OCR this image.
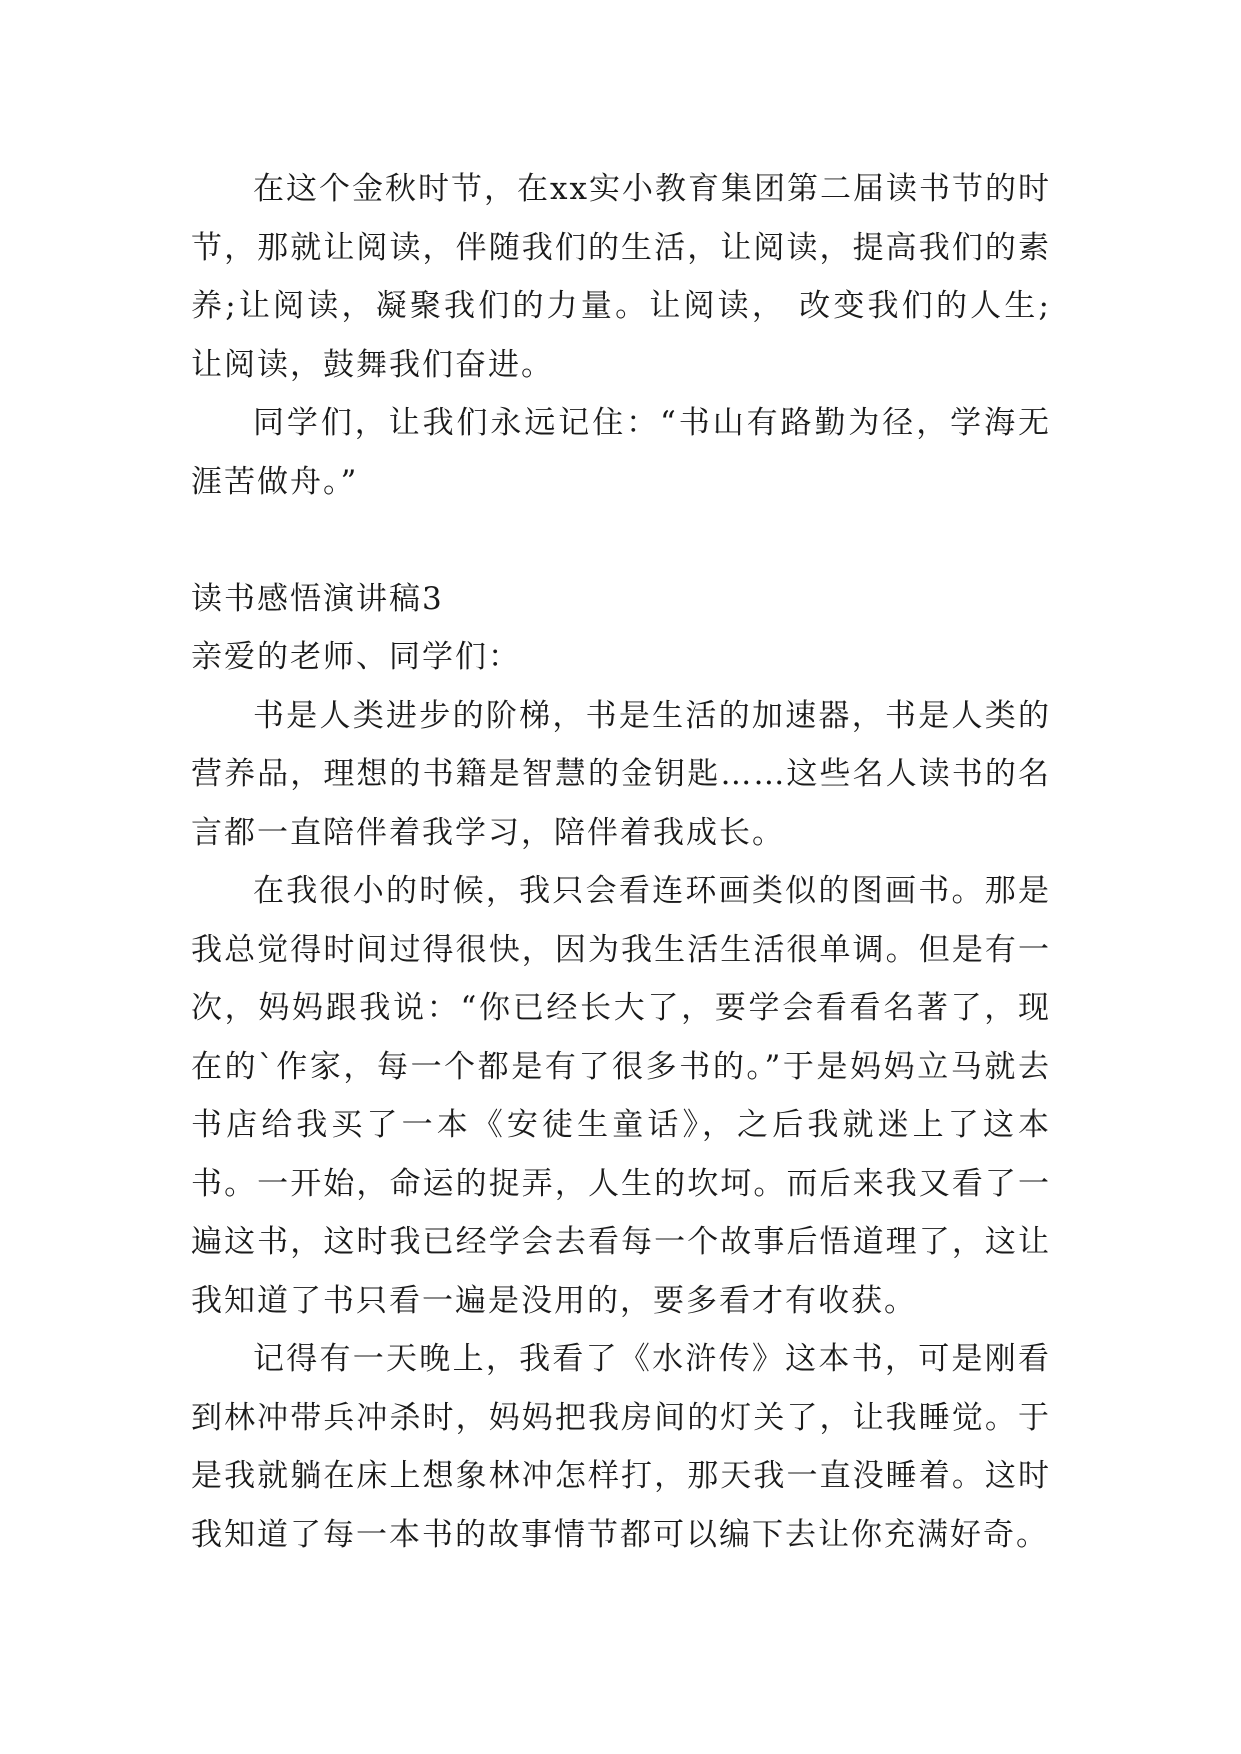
在这个金秋时节，在xx实小教育集团第二届读书节的时节，那就让阅读，伴随我们的生活，让阅读，提高我们的素养;让阅读，凝聚我们的力量。让阅读， 改变我们的人生;让阅读，鼓舞我们奋进。

同学们，让我们永远记住：“书山有路勤为径，学海无涯苦做舟。”

读书感悟演讲稿3

亲爱的老师、同学们：

书是人类进步的阶梯，书是生活的加速器，书是人类的营养品，理想的书籍是智慧的金钥匙……这些名人读书的名言都一直陪伴着我学习，陪伴着我成长。

在我很小的时候，我只会看连环画类似的图画书。那是我总觉得时间过得很快，因为我生活生活很单调。但是有一次，妈妈跟我说：“你已经长大了，要学会看看名著了，现在的`作家，每一个都是有了很多书的。”于是妈妈立马就去书店给我买了一本《安徒生童话》，之后我就迷上了这本书。一开始，命运的捉弄，人生的坎坷。而后来我又看了一遍这书，这时我已经学会去看每一个故事后悟道理了，这让我知道了书只看一遍是没用的，要多看才有收获。

记得有一天晚上，我看了《水浒传》这本书，可是刚看到林冲带兵冲杀时，妈妈把我房间的灯关了，让我睡觉。于是我就躺在床上想象林冲怎样打，那天我一直没睡着。这时我知道了每一本书的故事情节都可以编下去让你充满好奇。
